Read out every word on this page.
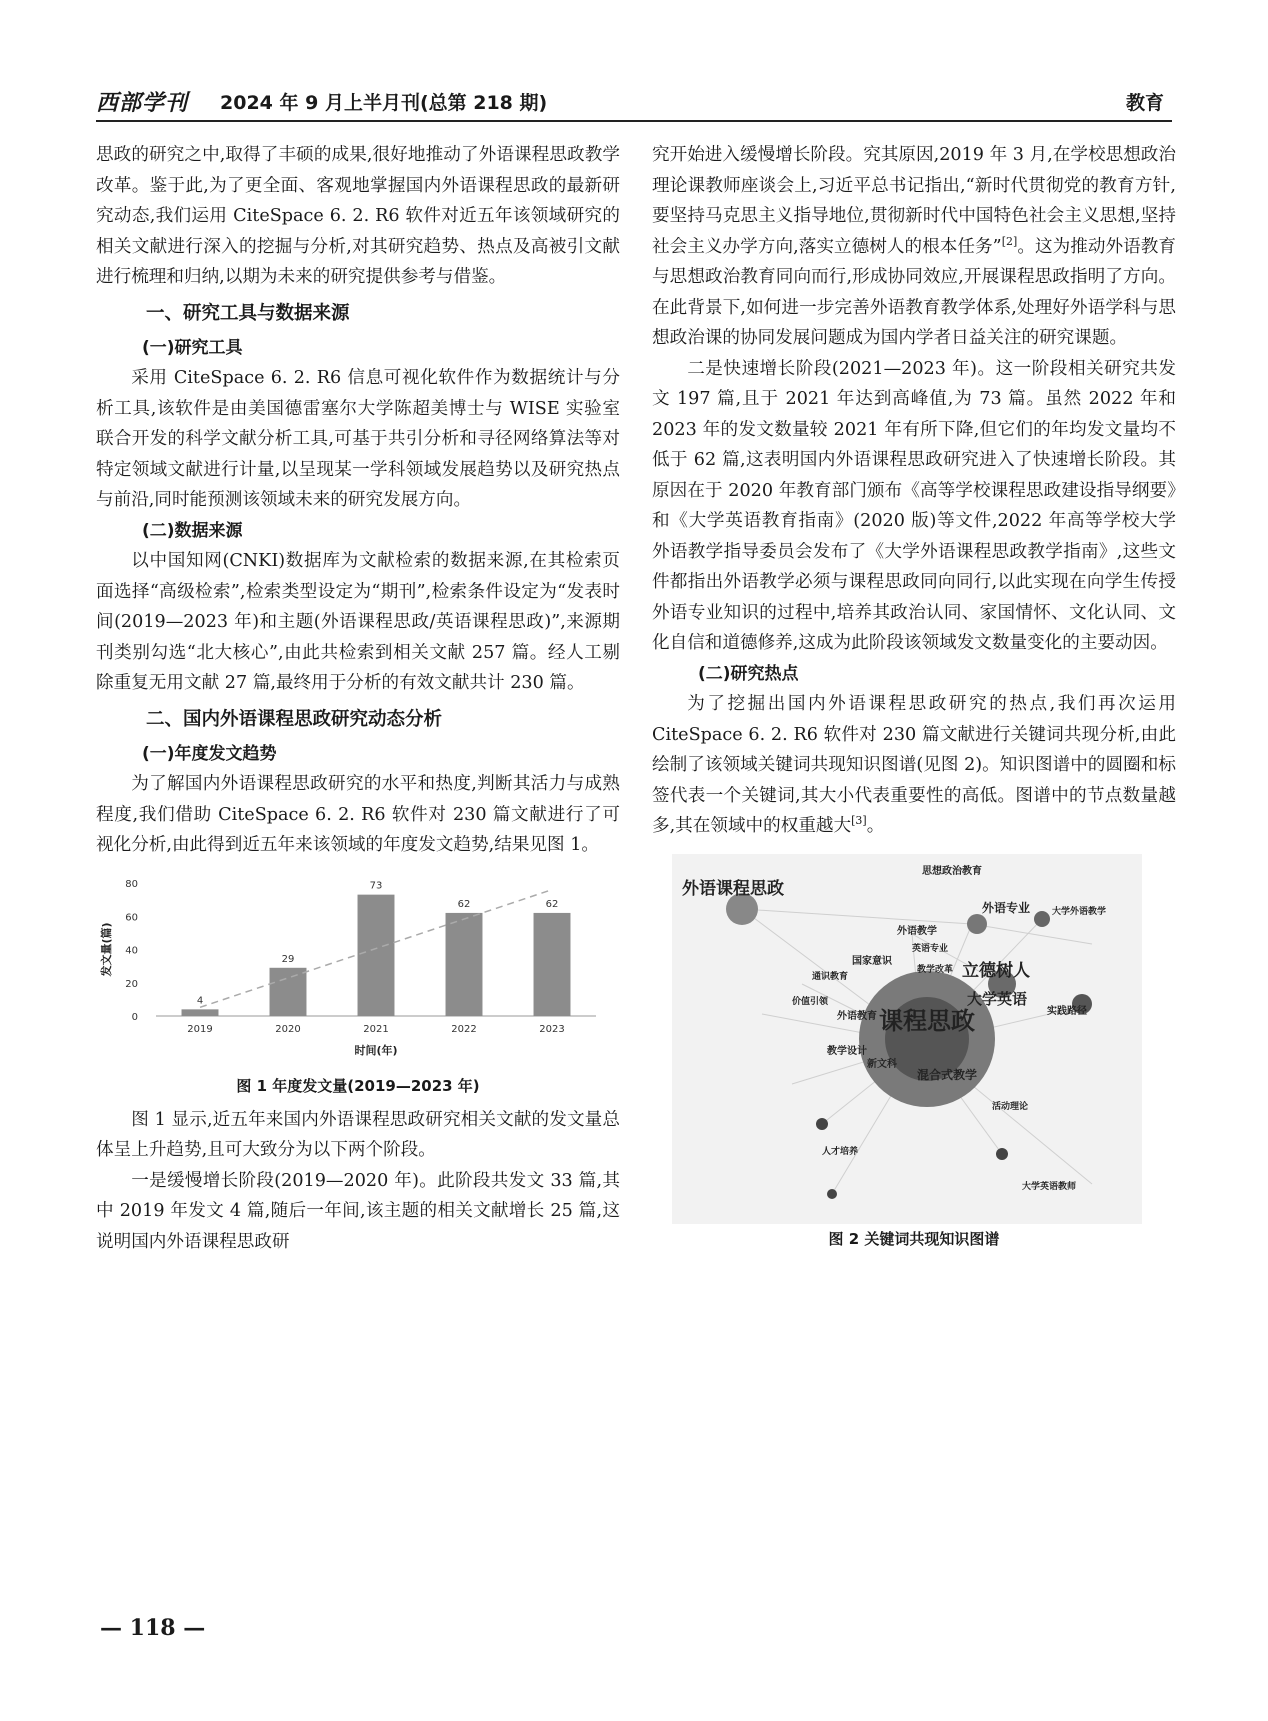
西部学刊 2024 年 9 月上半月刊(总第 218 期)	教育

思政的研究之中,取得了丰硕的成果,很好地推动了外语课程思政教学改革。鉴于此,为了更全面、客观地掌握国内外语课程思政的最新研究动态,我们运用 CiteSpace 6. 2. R6 软件对近五年该领域研究的相关文献进行深入的挖掘与分析,对其研究趋势、热点及高被引文献进行梳理和归纳,以期为未来的研究提供参考与借鉴。

一、研究工具与数据来源
(一)研究工具

采用 CiteSpace 6. 2. R6 信息可视化软件作为数据统计与分析工具,该软件是由美国德雷塞尔大学陈超美博士与 WISE 实验室联合开发的科学文献分析工具,可基于共引分析和寻径网络算法等对特定领域文献进行计量,以呈现某一学科领域发展趋势以及研究热点与前沿,同时能预测该领域未来的研究发展方向。

(二)数据来源

以中国知网(CNKI)数据库为文献检索的数据来源,在其检索页面选择“高级检索”,检索类型设定为“期刊”,检索条件设定为“发表时间(2019—2023 年)和主题(外语课程思政/英语课程思政)”,来源期刊类别勾选“北大核心”,由此共检索到相关文献 257 篇。经人工剔除重复无用文献 27 篇,最终用于分析的有效文献共计 230 篇。

二、国内外语课程思政研究动态分析
(一)年度发文趋势

为了解国内外语课程思政研究的水平和热度,判断其活力与成熟程度,我们借助 CiteSpace 6. 2. R6 软件对 230 篇文献进行了可视化分析,由此得到近五年来该领域的年度发文趋势,结果见图 1。

0
20
40
60
80
4
2019
29
2020
73
2021
62
2022
62
2023
时间(年)
发文量(篇)
图 1 年度发文量(2019—2023 年)

图 1 显示,近五年来国内外语课程思政研究相关文献的发文量总体呈上升趋势,且可大致分为以下两个阶段。

一是缓慢增长阶段(2019—2020 年)。此阶段共发文 33 篇,其中 2019 年发文 4 篇,随后一年间,该主题的相关文献增长 25 篇,这说明国内外语课程思政研

究开始进入缓慢增长阶段。究其原因,2019 年 3 月,在学校思想政治理论课教师座谈会上,习近平总书记指出,“新时代贯彻党的教育方针,要坚持马克思主义指导地位,贯彻新时代中国特色社会主义思想,坚持社会主义办学方向,落实立德树人的根本任务”[2]。这为推动外语教育与思想政治教育同向而行,形成协同效应,开展课程思政指明了方向。在此背景下,如何进一步完善外语教育教学体系,处理好外语学科与思想政治课的协同发展问题成为国内学者日益关注的研究课题。

二是快速增长阶段(2021—2023 年)。这一阶段相关研究共发文 197 篇,且于 2021 年达到高峰值,为 73 篇。虽然 2022 年和 2023 年的发文数量较 2021 年有所下降,但它们的年均发文量均不低于 62 篇,这表明国内外语课程思政研究进入了快速增长阶段。其原因在于 2020 年教育部门颁布《高等学校课程思政建设指导纲要》和《大学英语教育指南》(2020 版)等文件,2022 年高等学校大学外语教学指导委员会发布了《大学外语课程思政教学指南》,这些文件都指出外语教学必须与课程思政同向同行,以此实现在向学生传授外语专业知识的过程中,培养其政治认同、家国情怀、文化认同、文化自信和道德修养,这成为此阶段该领域发文数量变化的主要动因。

(二)研究热点

为了挖掘出国内外语课程思政研究的热点,我们再次运用 CiteSpace 6. 2. R6 软件对 230 篇文献进行关键词共现分析,由此绘制了该领域关键词共现知识图谱(见图 2)。知识图谱中的圆圈和标签代表一个关键词,其大小代表重要性的高低。图谱中的节点数量越多,其在领域中的权重越大[3]。

课程思政
外语课程思政
立德树人
大学英语
外语专业
外语教学
思想政治教育
大学外语教学
国家意识
英语专业
教学改革
通识教育
价值引领
外语教育	实践路径
教学设计
新文科
混合式教学
活动理论
人才培养
大学英语教师
图 2 关键词共现知识图谱
— 118 —
